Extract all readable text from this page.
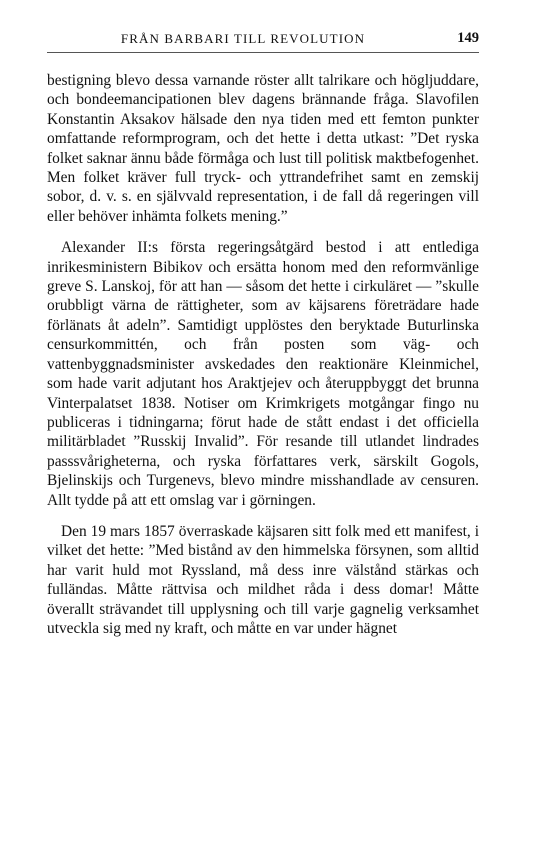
FRÅN BARBARI TILL REVOLUTION	149

bestigning blevo dessa varnande röster allt talrikare och högljuddare, och bondeemancipationen blev dagens brännande fråga. Slavofilen Konstantin Aksakov hälsade den nya tiden med ett femton punkter omfattande reformprogram, och det hette i detta utkast: ”Det ryska folket saknar ännu både förmåga och lust till politisk maktbefogenhet. Men folket kräver full tryck- och yttrandefrihet samt en zemskij sobor, d. v. s. en självvald representation, i de fall då regeringen vill eller behöver inhämta folkets mening.”

Alexander II:s första regeringsåtgärd bestod i att entlediga inrikesministern Bibikov och ersätta honom med den reformvänlige greve S. Lanskoj, för att han — såsom det hette i cirkuläret — ”skulle orubbligt värna de rättigheter, som av käjsarens företrädare hade förlänats åt adeln”. Samtidigt upplöstes den beryktade Buturlinska censurkommittén, och från posten som väg- och vattenbyggnadsminister avskedades den reaktionäre Kleinmichel, som hade varit adjutant hos Araktjejev och återuppbyggt det brunna Vinterpalatset 1838. Notiser om Krimkrigets motgångar fingo nu publiceras i tidningarna; förut hade de stått endast i det officiella militärbladet ”Russkij Invalid”. För resande till utlandet lindrades passsvårigheterna, och ryska författares verk, särskilt Gogols, Bjelinskijs och Turgenevs, blevo mindre misshandlade av censuren. Allt tydde på att ett omslag var i görningen.

Den 19 mars 1857 överraskade käjsaren sitt folk med ett manifest, i vilket det hette: ”Med bistånd av den himmelska försynen, som alltid har varit huld mot Ryssland, må dess inre välstånd stärkas och fulländas. Måtte rättvisa och mildhet råda i dess domar! Måtte överallt strävandet till upplysning och till varje gagnelig verksamhet utveckla sig med ny kraft, och måtte en var under hägnet
